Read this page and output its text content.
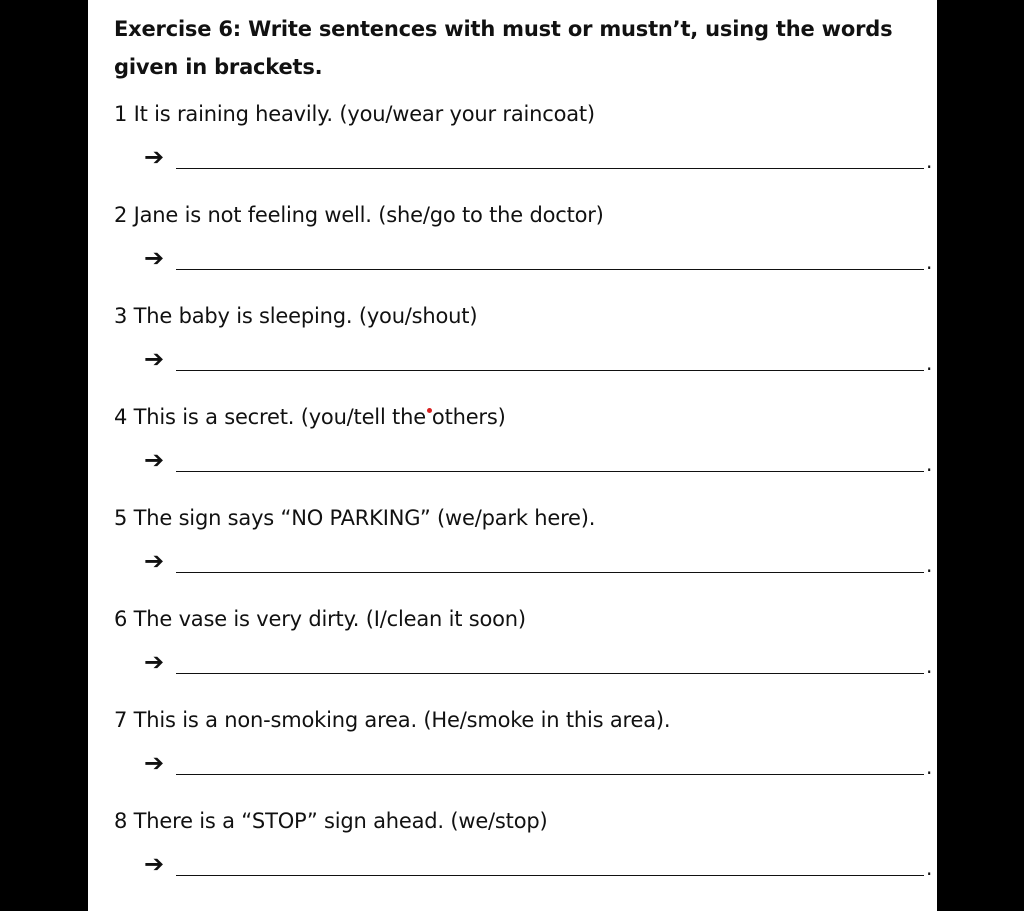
Exercise 6: Write sentences with must or mustn’t, using the words given in brackets.
1 It is raining heavily. (you/wear your raincoat)
➔	.
2 Jane is not feeling well. (she/go to the doctor)
➔	.
3 The baby is sleeping. (you/shout)
➔	.
4 This is a secret. (you/tell the others)
➔	.
5 The sign says “NO PARKING” (we/park here).
➔	.
6 The vase is very dirty. (I/clean it soon)
➔	.
7 This is a non-smoking area. (He/smoke in this area).
➔	.
8 There is a “STOP” sign ahead. (we/stop)
➔	.
